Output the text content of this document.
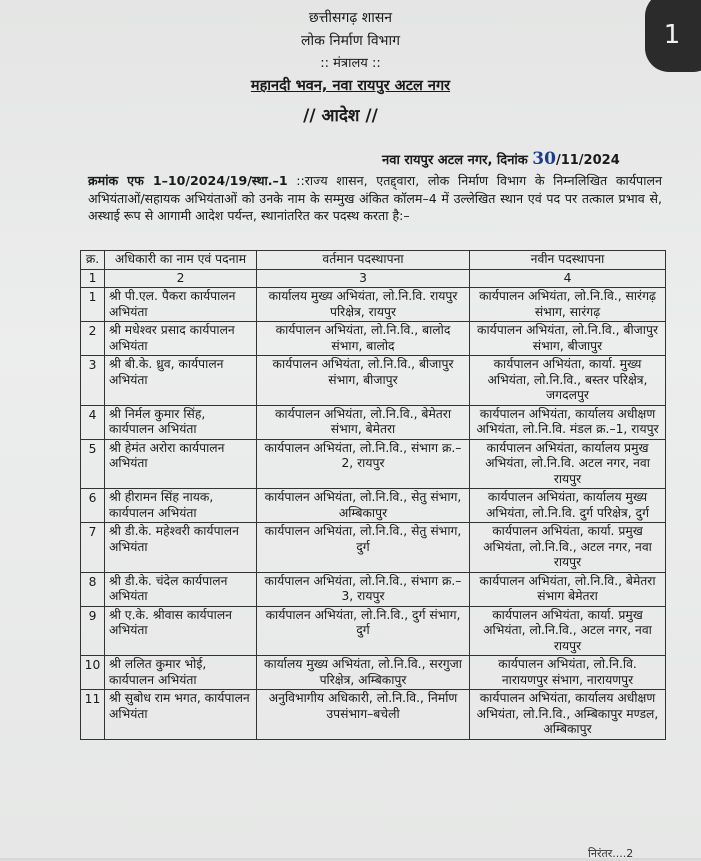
1
छत्तीसगढ़ शासन
लोक निर्माण विभाग
:: मंत्रालय ::
महानदी भवन, नवा रायपुर अटल नगर
// आदेश //
नवा रायपुर अटल नगर, दिनांक 30/11/2024
क्रमांक एफ 1–10/2024/19/स्था.–1 ::राज्य शासन, एतद्द्वारा, लोक निर्माण विभाग के निम्नलिखित कार्यपालन अभियंताओं/सहायक अभियंताओं को उनके नाम के सम्मुख अंकित कॉलम–4 में उल्लेखित स्थान एवं पद पर तत्काल प्रभाव से, अस्थाई रूप से आगामी आदेश पर्यन्त, स्थानांतरित कर पदस्थ करता है:–
क्र.	अधिकारी का नाम एवं पदनाम	वर्तमान पदस्थापना	नवीन पदस्थापना
1	2	3	4
1	श्री पी.एल. पैकरा कार्यपालन अभियंता	कार्यालय मुख्य अभियंता, लो.नि.वि. रायपुर परिक्षेत्र, रायपुर	कार्यपालन अभियंता, लो.नि.वि., सारंगढ़ संभाग, सारंगढ़
2	श्री मधेश्वर प्रसाद कार्यपालन अभियंता	कार्यपालन अभियंता, लो.नि.वि., बालोद संभाग, बालोद	कार्यपालन अभियंता, लो.नि.वि., बीजापुर संभाग, बीजापुर
3	श्री बी.के. ध्रुव, कार्यपालन अभियंता	कार्यपालन अभियंता, लो.नि.वि., बीजापुर संभाग, बीजापुर	कार्यपालन अभियंता, कार्या. मुख्य अभियंता, लो.नि.वि., बस्तर परिक्षेत्र, जगदलपुर
4	श्री निर्मल कुमार सिंह, कार्यपालन अभियंता	कार्यपालन अभियंता, लो.नि.वि., बेमेतरा संभाग, बेमेतरा	कार्यपालन अभियंता, कार्यालय अधीक्षण अभियंता, लो.नि.वि. मंडल क्र.–1, रायपुर
5	श्री हेमंत अरोरा कार्यपालन अभियंता	कार्यपालन अभियंता, लो.नि.वि., संभाग क्र.–2, रायपुर	कार्यपालन अभियंता, कार्यालय प्रमुख अभियंता, लो.नि.वि. अटल नगर, नवा रायपुर
6	श्री हीरामन सिंह नायक, कार्यपालन अभियंता	कार्यपालन अभियंता, लो.नि.वि., सेतु संभाग, अम्बिकापुर	कार्यपालन अभियंता, कार्यालय मुख्य अभियंता, लो.नि.वि. दुर्ग परिक्षेत्र, दुर्ग
7	श्री डी.के. महेश्वरी कार्यपालन अभियंता	कार्यपालन अभियंता, लो.नि.वि., सेतु संभाग, दुर्ग	कार्यपालन अभियंता, कार्या. प्रमुख अभियंता, लो.नि.वि., अटल नगर, नवा रायपुर
8	श्री डी.के. चंदेल कार्यपालन अभियंता	कार्यपालन अभियंता, लो.नि.वि., संभाग क्र.–3, रायपुर	कार्यपालन अभियंता, लो.नि.वि., बेमेतरा संभाग बेमेतरा
9	श्री ए.के. श्रीवास कार्यपालन अभियंता	कार्यपालन अभियंता, लो.नि.वि., दुर्ग संभाग, दुर्ग	कार्यपालन अभियंता, कार्या. प्रमुख अभियंता, लो.नि.वि., अटल नगर, नवा रायपुर
10	श्री ललित कुमार भोई, कार्यपालन अभियंता	कार्यालय मुख्य अभियंता, लो.नि.वि., सरगुजा परिक्षेत्र, अम्बिकापुर	कार्यपालन अभियंता, लो.नि.वि. नारायणपुर संभाग, नारायणपुर
11	श्री सुबोध राम भगत, कार्यपालन अभियंता	अनुविभागीय अधिकारी, लो.नि.वि., निर्माण उपसंभाग–बचेली	कार्यपालन अभियंता, कार्यालय अधीक्षण अभियंता, लो.नि.वि., अम्बिकापुर मण्डल, अम्बिकापुर
निरंतर....2
